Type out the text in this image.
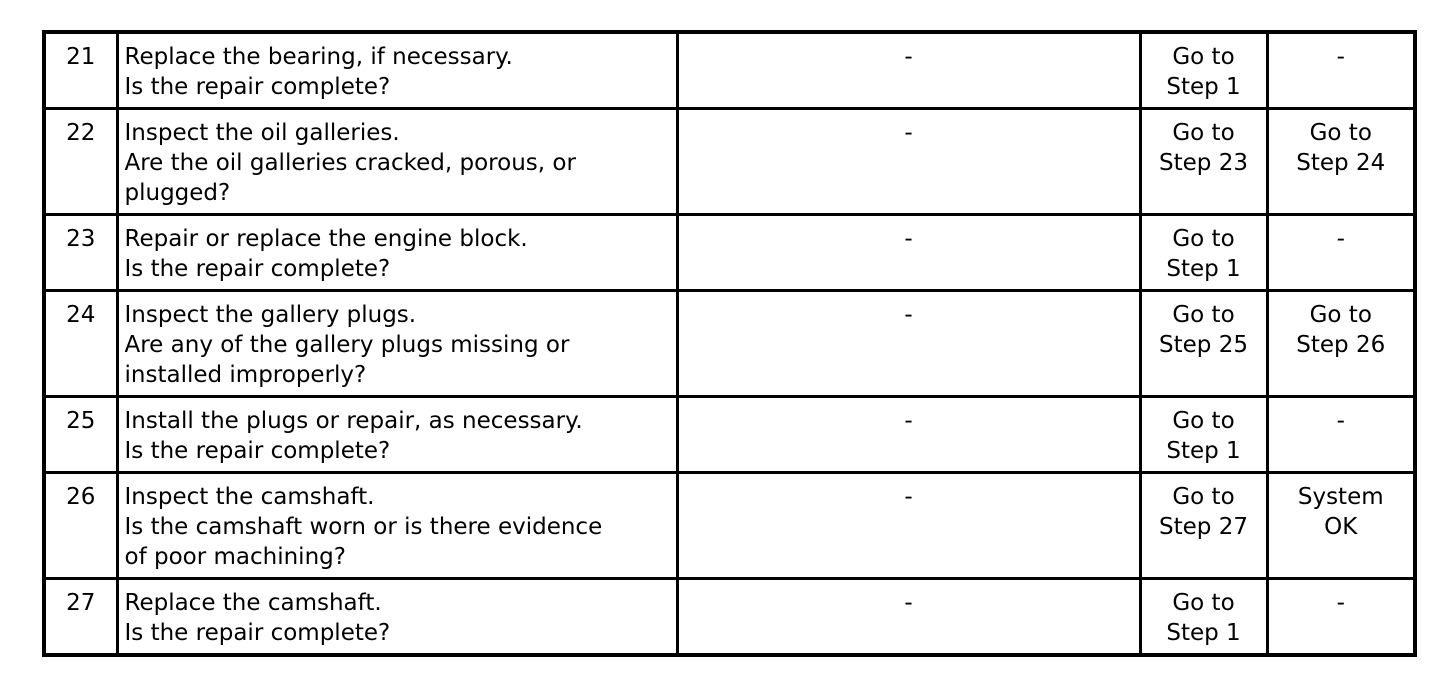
21	Replace the bearing, if necessary.
Is the repair complete?	-	Go to
Step 1	-

22	Inspect the oil galleries.
Are the oil galleries cracked, porous, or
plugged?	-	Go to
Step 23	Go to
Step 24

23	Repair or replace the engine block.
Is the repair complete?	-	Go to
Step 1	-

24	Inspect the gallery plugs.
Are any of the gallery plugs missing or
installed improperly?	-	Go to
Step 25	Go to
Step 26

25	Install the plugs or repair, as necessary.
Is the repair complete?	-	Go to
Step 1	-

26	Inspect the camshaft.
Is the camshaft worn or is there evidence
of poor machining?	-	Go to
Step 27	System
OK

27	Replace the camshaft.
Is the repair complete?	-	Go to
Step 1	-
